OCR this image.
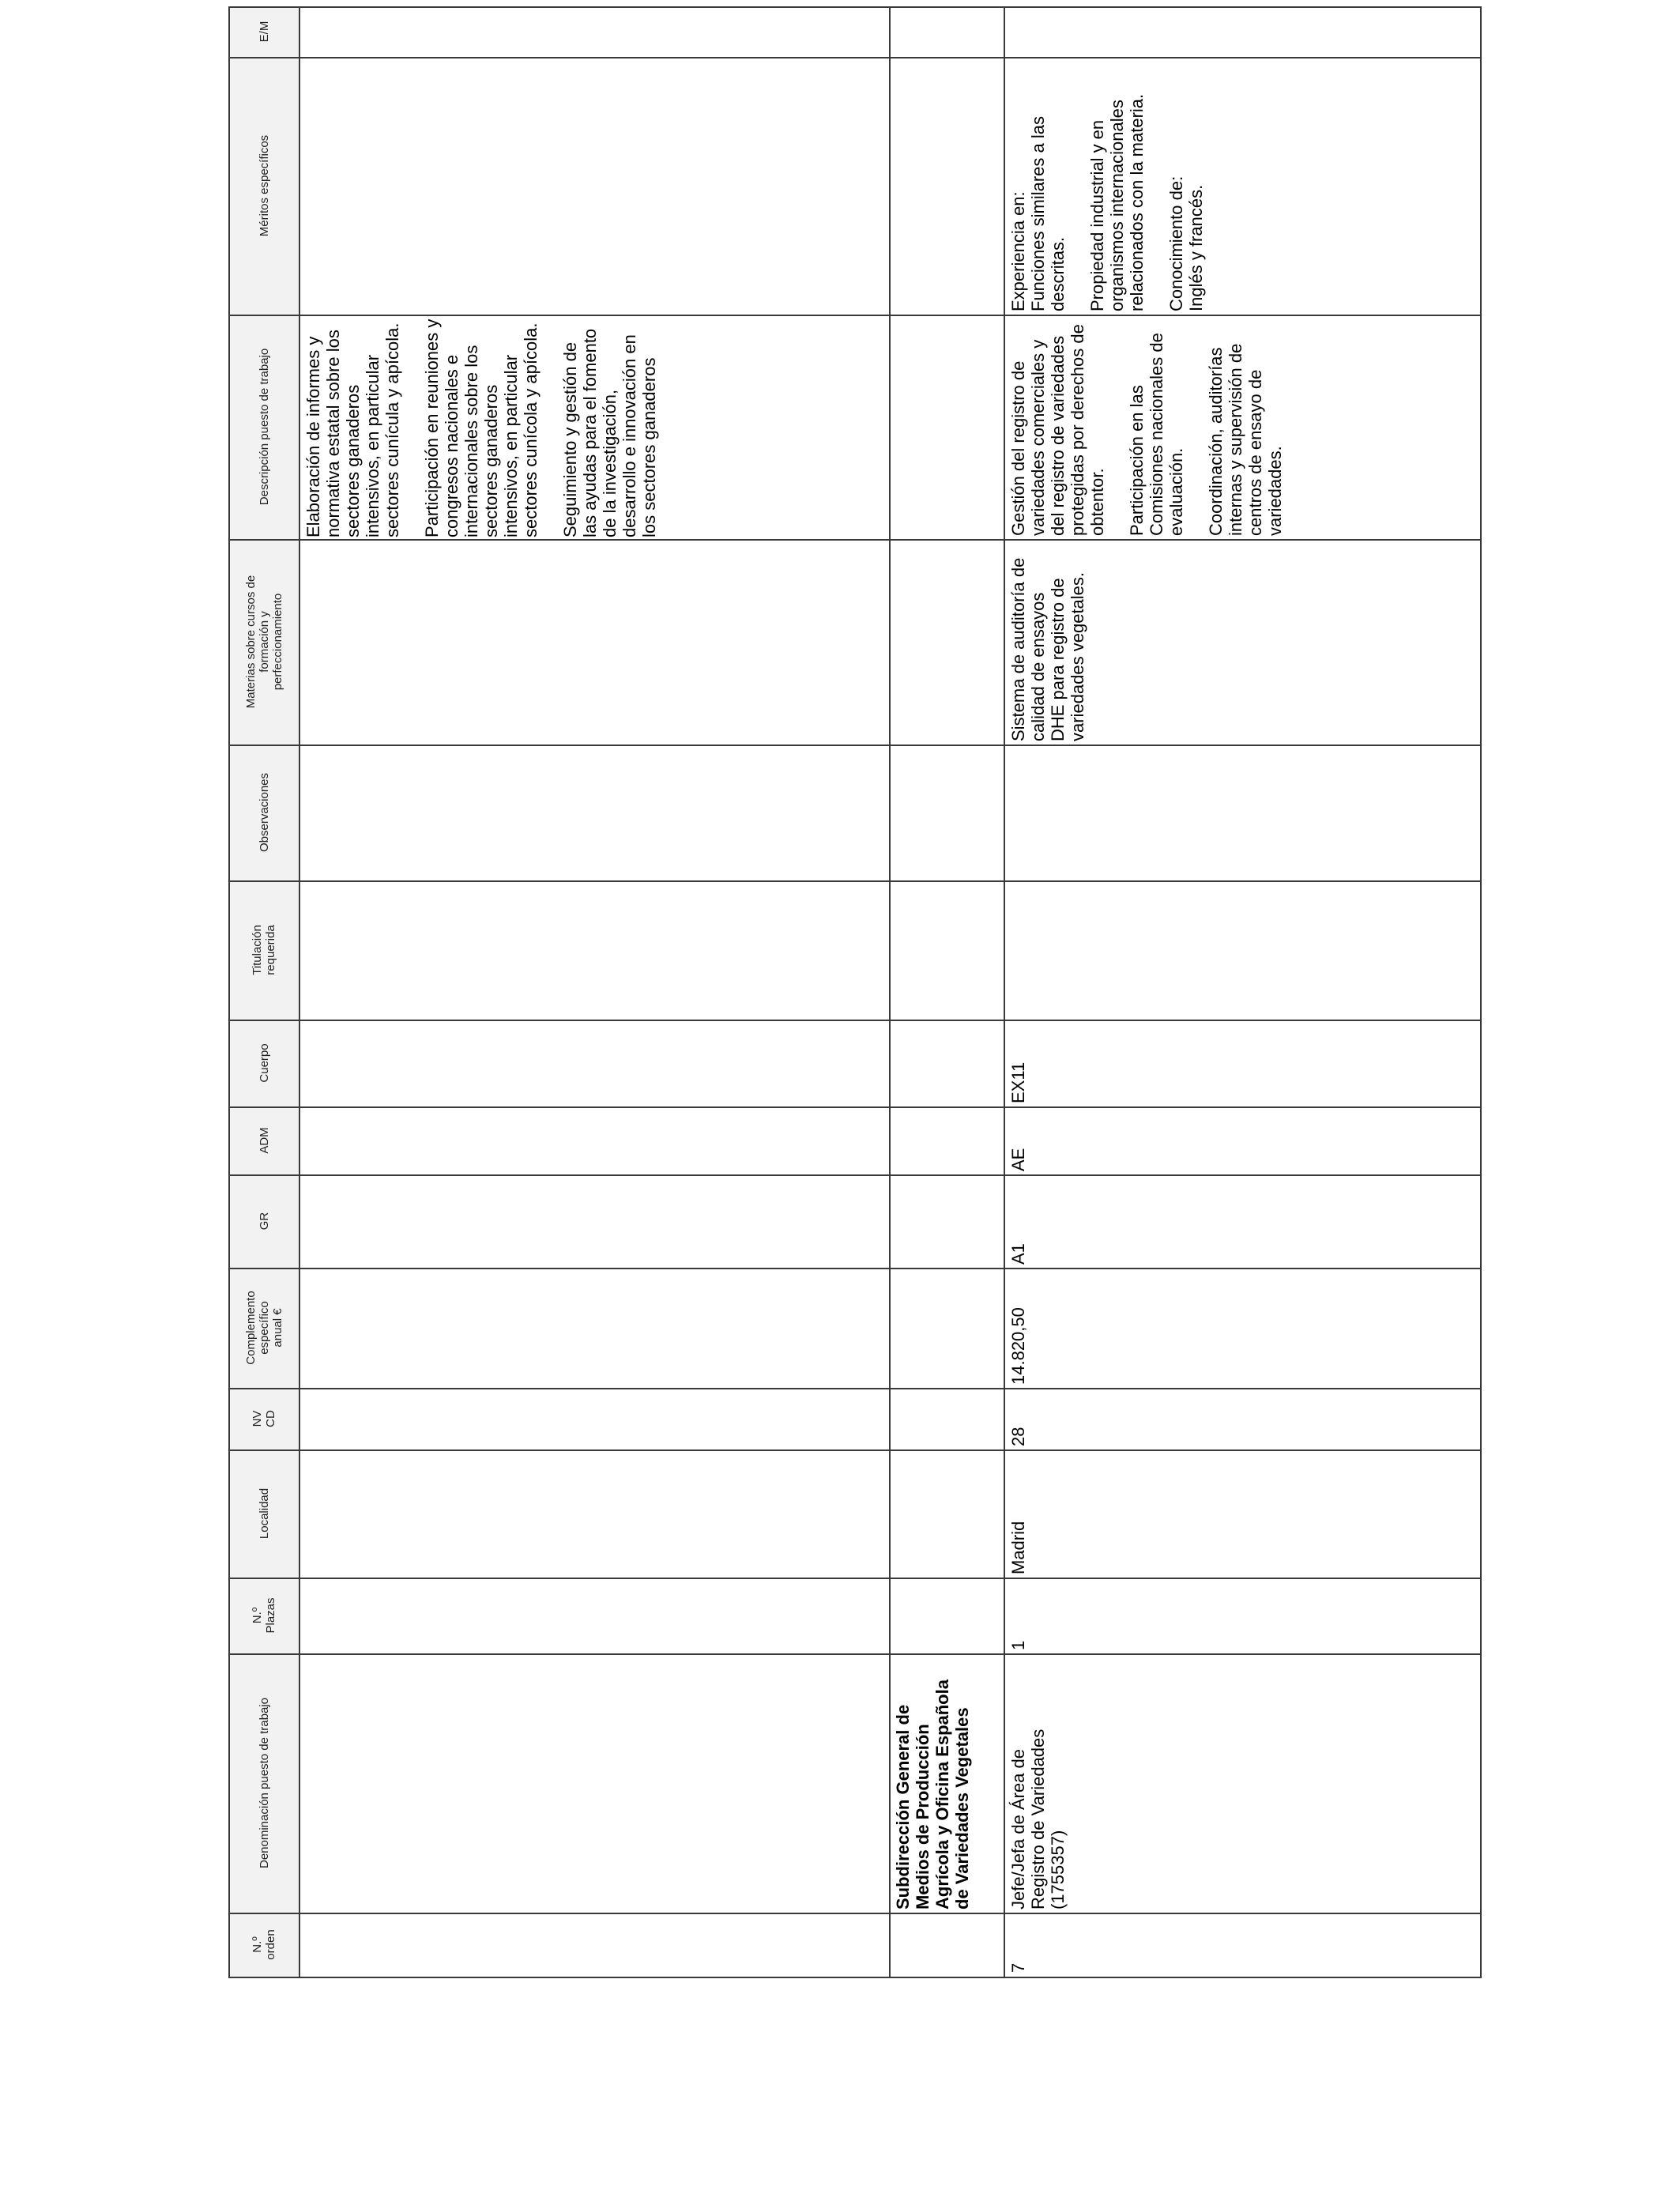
E/M
Méritos específicos
Descripción puesto de trabajo
Materias sobre cursos de formación y perfeccionamiento
Observaciones
Titulación requerida
Cuerpo
ADM
GR
Complemento específico anual €
NV CD
Localidad
N.º Plazas
Denominación puesto de trabajo
N.º orden

Elaboración de informes y normativa estatal sobre los sectores ganaderos intensivos, en particular sectores cunícula y apícola. Participación en reuniones y congresos nacionales e internacionales sobre los sectores ganaderos intensivos, en particular sectores cunícola y apícola. Seguimiento y gestión de las ayudas para el fomento de la investigación, desarrollo e innovación en los sectores ganaderos

Subdirección General de Medios de Producción Agrícola y Oficina Española de Variedades Vegetales
7
Jefe/Jefa de Área de Registro de Variedades (1755357)
1
Madrid
28
14.820,50
A1
AE
EX11
Sistema de auditoría de calidad de ensayos DHE para registro de variedades vegetales.

Gestión del registro de variedades comerciales y del registro de variedades protegidas por derechos de obtentor. Participación en las Comisiones nacionales de evaluación. Coordinación, auditorías internas y supervisión de centros de ensayo de variedades.

Experiencia en: Funciones similares a las descritas. Propiedad industrial y en organismos internacionales relacionados con la materia. Conocimiento de: Inglés y francés.
